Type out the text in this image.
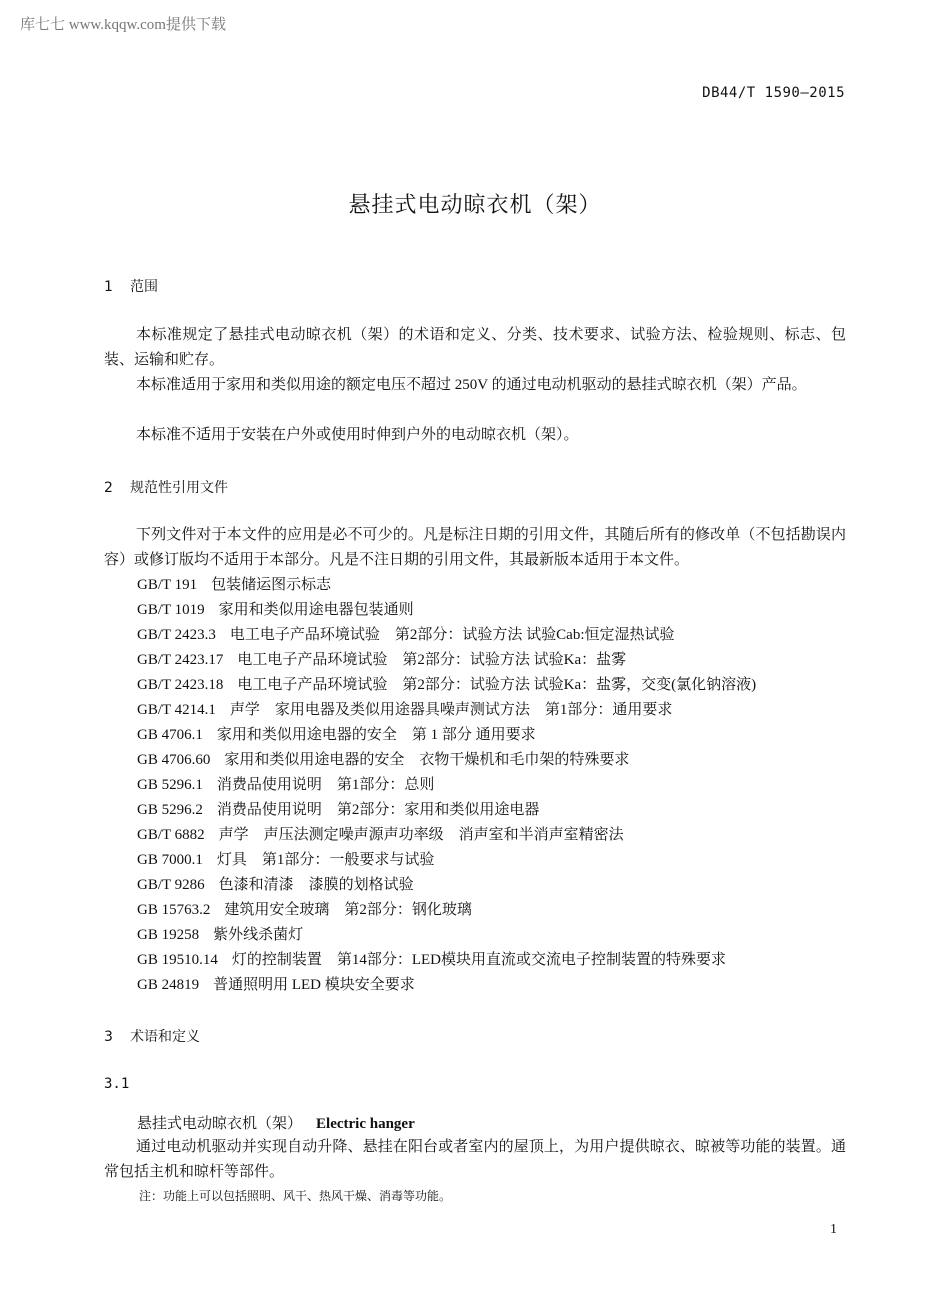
库七七 www.kqqw.com提供下载
DB44/T 1590—2015
悬挂式电动晾衣机（架）
1 范围

本标准规定了悬挂式电动晾衣机（架）的术语和定义、分类、技术要求、试验方法、检验规则、标志、包装、运输和贮存。

本标准适用于家用和类似用途的额定电压不超过 250V 的通过电动机驱动的悬挂式晾衣机（架）产品。

本标准不适用于安装在户外或使用时伸到户外的电动晾衣机（架）。

2 规范性引用文件

下列文件对于本文件的应用是必不可少的。凡是标注日期的引用文件，其随后所有的修改单（不包括勘误内容）或修订版均不适用于本部分。凡是不注日期的引用文件，其最新版本适用于本文件。

GB/T 191 包装储运图示标志
GB/T 1019 家用和类似用途电器包装通则
GB/T 2423.3 电工电子产品环境试验　第2部分：试验方法 试验Cab:恒定湿热试验
GB/T 2423.17 电工电子产品环境试验　第2部分：试验方法 试验Ka：盐雾
GB/T 2423.18 电工电子产品环境试验　第2部分：试验方法 试验Ka：盐雾，交变(氯化钠溶液)
GB/T 4214.1 声学　家用电器及类似用途器具噪声测试方法　第1部分：通用要求
GB 4706.1 家用和类似用途电器的安全　第 1 部分 通用要求
GB 4706.60 家用和类似用途电器的安全　衣物干燥机和毛巾架的特殊要求
GB 5296.1 消费品使用说明　第1部分：总则
GB 5296.2 消费品使用说明　第2部分：家用和类似用途电器
GB/T 6882 声学　声压法测定噪声源声功率级　消声室和半消声室精密法
GB 7000.1 灯具　第1部分：一般要求与试验
GB/T 9286 色漆和清漆　漆膜的划格试验
GB 15763.2 建筑用安全玻璃　第2部分：钢化玻璃
GB 19258 紫外线杀菌灯
GB 19510.14 灯的控制装置　第14部分：LED模块用直流或交流电子控制装置的特殊要求
GB 24819 普通照明用 LED 模块安全要求
3 术语和定义
3.1
悬挂式电动晾衣机（架） Electric hanger

通过电动机驱动并实现自动升降、悬挂在阳台或者室内的屋顶上，为用户提供晾衣、晾被等功能的装置。通常包括主机和晾杆等部件。

注：功能上可以包括照明、风干、热风干燥、消毒等功能。
1
